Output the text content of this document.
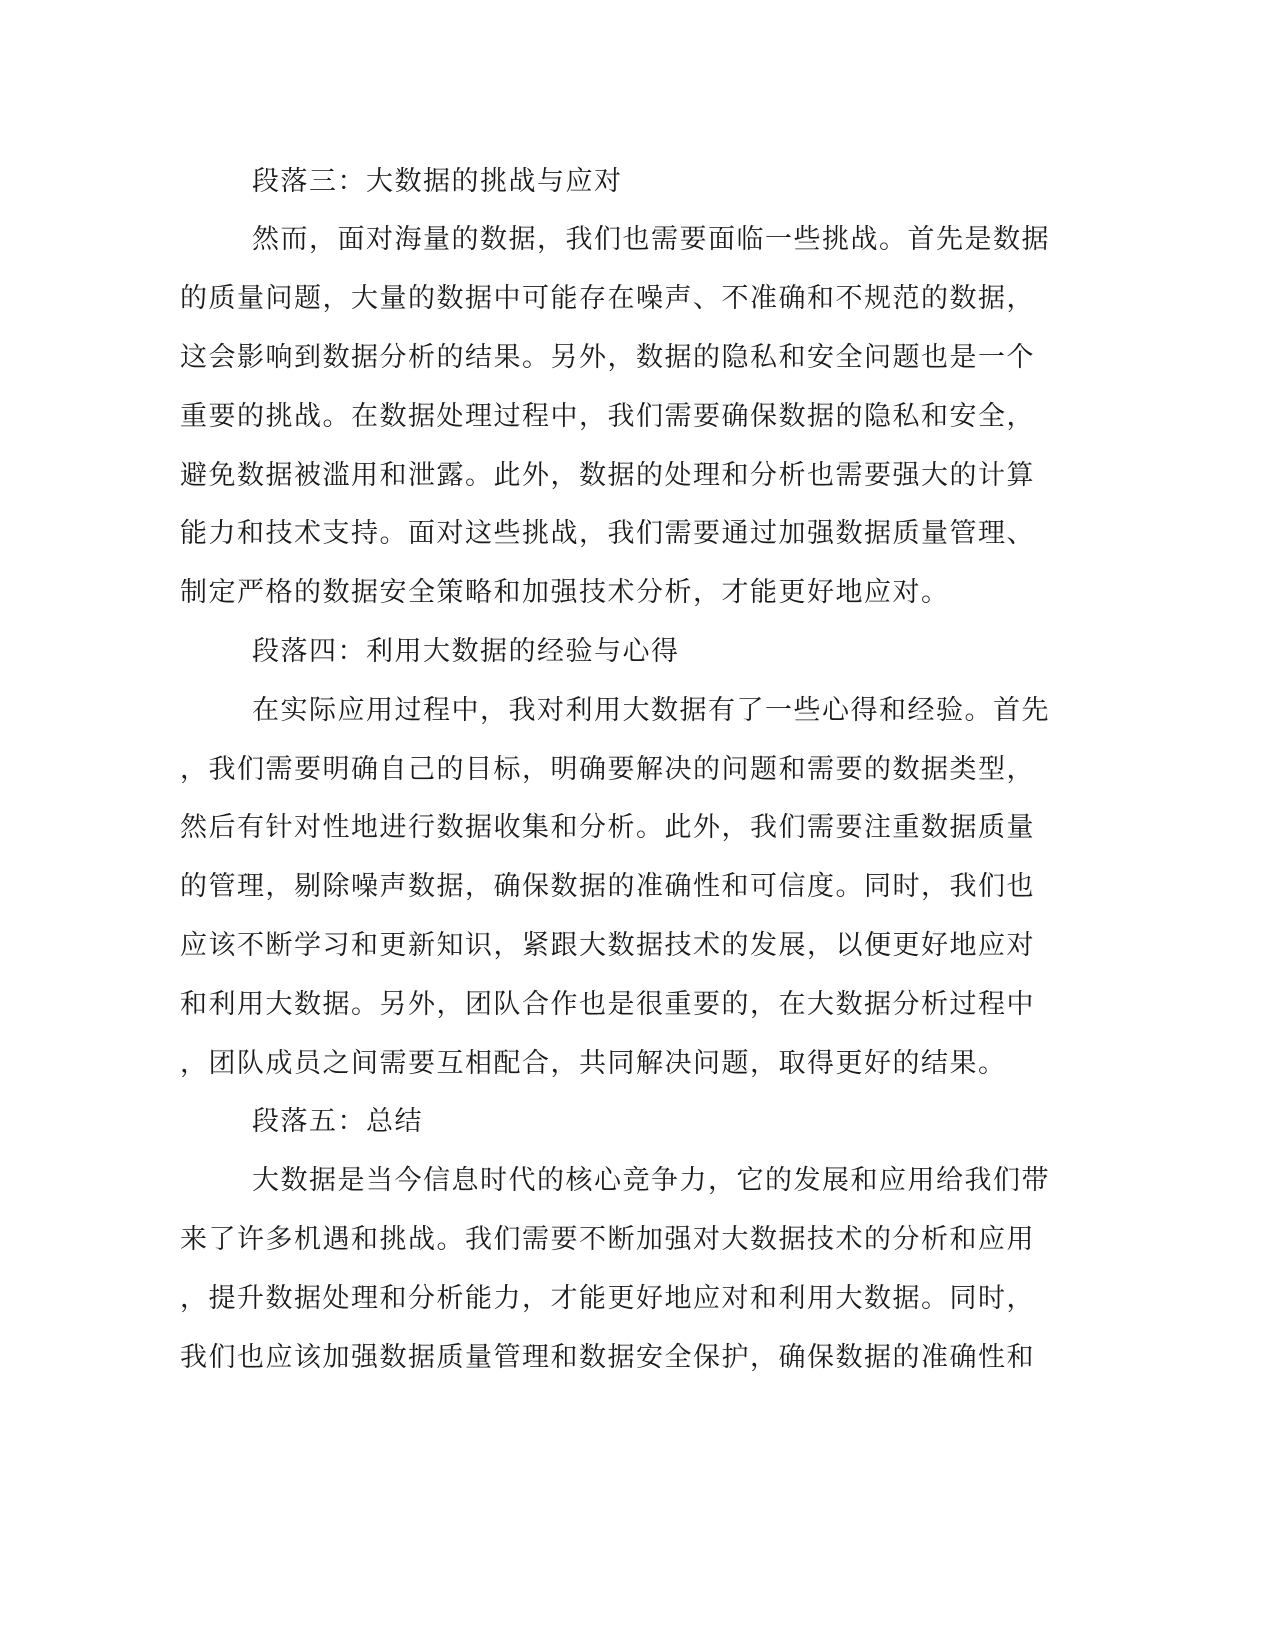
段落三：大数据的挑战与应对
然而，面对海量的数据，我们也需要面临一些挑战。首先是数据
的质量问题，大量的数据中可能存在噪声、不准确和不规范的数据，
这会影响到数据分析的结果。另外，数据的隐私和安全问题也是一个
重要的挑战。在数据处理过程中，我们需要确保数据的隐私和安全，
避免数据被滥用和泄露。此外，数据的处理和分析也需要强大的计算
能力和技术支持。面对这些挑战，我们需要通过加强数据质量管理、
制定严格的数据安全策略和加强技术分析，才能更好地应对。
段落四：利用大数据的经验与心得
在实际应用过程中，我对利用大数据有了一些心得和经验。首先
，我们需要明确自己的目标，明确要解决的问题和需要的数据类型，
然后有针对性地进行数据收集和分析。此外，我们需要注重数据质量
的管理，剔除噪声数据，确保数据的准确性和可信度。同时，我们也
应该不断学习和更新知识，紧跟大数据技术的发展，以便更好地应对
和利用大数据。另外，团队合作也是很重要的，在大数据分析过程中
，团队成员之间需要互相配合，共同解决问题，取得更好的结果。
段落五：总结
大数据是当今信息时代的核心竞争力，它的发展和应用给我们带
来了许多机遇和挑战。我们需要不断加强对大数据技术的分析和应用
，提升数据处理和分析能力，才能更好地应对和利用大数据。同时，
我们也应该加强数据质量管理和数据安全保护，确保数据的准确性和
